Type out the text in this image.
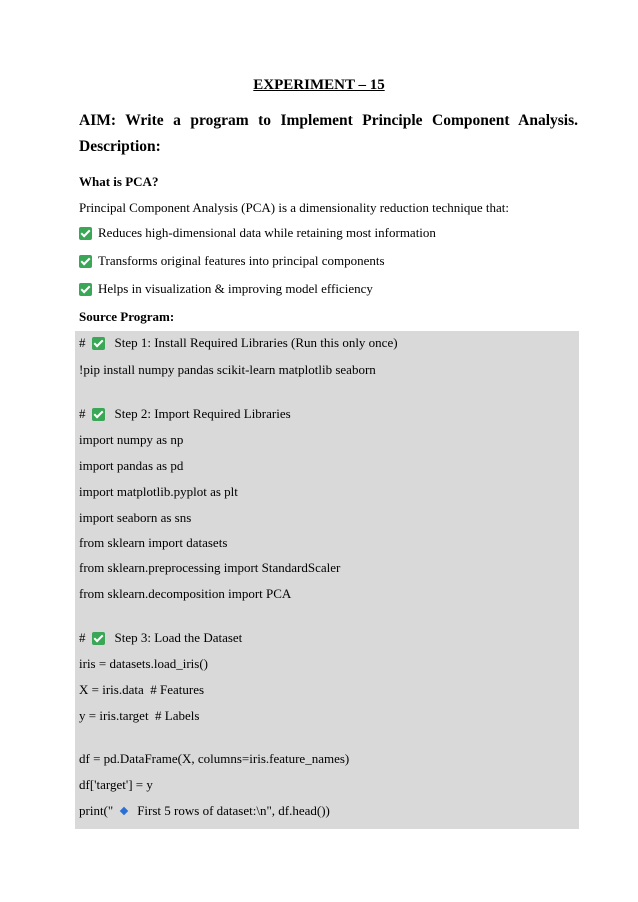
EXPERIMENT – 15
AIM: Write a program to Implement Principle Component Analysis.
Description:
What is PCA?
Principal Component Analysis (PCA) is a dimensionality reduction technique that:
Reduces high-dimensional data while retaining most information
Transforms original features into principal components
Helps in visualization & improving model efficiency
Source Program:
# Step 1: Install Required Libraries (Run this only once)
!pip install numpy pandas scikit-learn matplotlib seaborn
# Step 2: Import Required Libraries
import numpy as np
import pandas as pd
import matplotlib.pyplot as plt
import seaborn as sns
from sklearn import datasets
from sklearn.preprocessing import StandardScaler
from sklearn.decomposition import PCA
# Step 3: Load the Dataset
iris = datasets.load_iris()
X = iris.data  # Features
y = iris.target  # Labels
df = pd.DataFrame(X, columns=iris.feature_names)
df['target'] = y
print(" First 5 rows of dataset:\n", df.head())
